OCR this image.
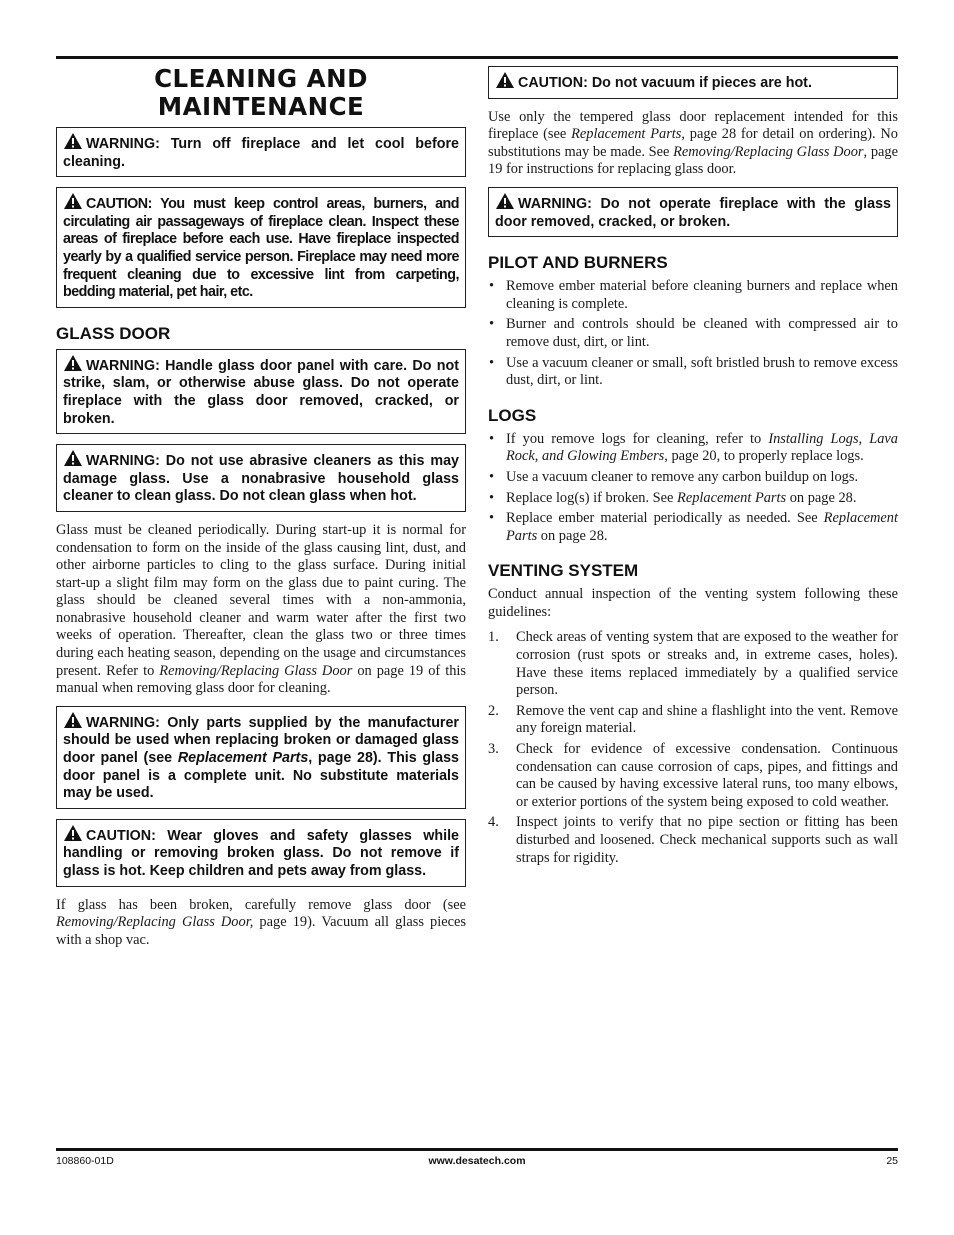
CLEANING AND
MAINTENANCE
WARNING: Turn off fireplace and let cool before cleaning.
CAUTION: You must keep control areas, burners, and circulating air passageways of fireplace clean. Inspect these areas of fireplace before each use. Have fireplace inspected yearly by a qualified service person. Fireplace may need more frequent cleaning due to excessive lint from carpeting, bedding material, pet hair, etc.
GLASS DOOR
WARNING: Handle glass door panel with care. Do not strike, slam, or otherwise abuse glass. Do not operate fireplace with the glass door removed, cracked, or broken.
WARNING: Do not use abrasive cleaners as this may damage glass. Use a nonabrasive household glass cleaner to clean glass. Do not clean glass when hot.

Glass must be cleaned periodically. During start-up it is normal for condensation to form on the inside of the glass causing lint, dust, and other airborne particles to cling to the glass surface. During initial start-up a slight film may form on the glass due to paint curing. The glass should be cleaned several times with a non-ammonia, nonabrasive household cleaner and warm water after the first two weeks of operation. Thereafter, clean the glass two or three times during each heating season, depending on the usage and circumstances present. Refer to Removing/Replacing Glass Door on page 19 of this manual when removing glass door for cleaning.

WARNING: Only parts supplied by the manufacturer should be used when replacing broken or damaged glass door panel (see Replacement Parts, page 28). This glass door panel is a complete unit. No substitute materials may be used.
CAUTION: Wear gloves and safety glasses while handling or removing broken glass. Do not remove if glass is hot. Keep children and pets away from glass.

If glass has been broken, carefully remove glass door (see Removing/Replacing Glass Door, page 19). Vacuum all glass pieces with a shop vac.

CAUTION: Do not vacuum if pieces are hot.

Use only the tempered glass door replacement intended for this fireplace (see Replacement Parts, page 28 for detail on ordering). No substitutions may be made. See Removing/Replacing Glass Door, page 19 for instructions for replacing glass door.

WARNING: Do not operate fireplace with the glass door removed, cracked, or broken.
PILOT AND BURNERS
• Remove ember material before cleaning burners and replace when cleaning is complete.
• Burner and controls should be cleaned with compressed air to remove dust, dirt, or lint.
• Use a vacuum cleaner or small, soft bristled brush to remove excess dust, dirt, or lint.
LOGS
• If you remove logs for cleaning, refer to Installing Logs, Lava Rock, and Glowing Embers, page 20, to properly replace logs.
• Use a vacuum cleaner to remove any carbon buildup on logs.
• Replace log(s) if broken. See Replacement Parts on page 28.
• Replace ember material periodically as needed. See Replacement Parts on page 28.
VENTING SYSTEM

Conduct annual inspection of the venting system following these guidelines:

1. Check areas of venting system that are exposed to the weather for corrosion (rust spots or streaks and, in extreme cases, holes). Have these items replaced immediately by a qualified service person.
2. Remove the vent cap and shine a flashlight into the vent. Remove any foreign material.
3. Check for evidence of excessive condensation. Continuous condensation can cause corrosion of caps, pipes, and fittings and can be caused by having excessive lateral runs, too many elbows, or exterior portions of the system being exposed to cold weather.
4. Inspect joints to verify that no pipe section or fitting has been disturbed and loosened. Check mechanical supports such as wall straps for rigidity.
108860-01D	www.desatech.com	25
